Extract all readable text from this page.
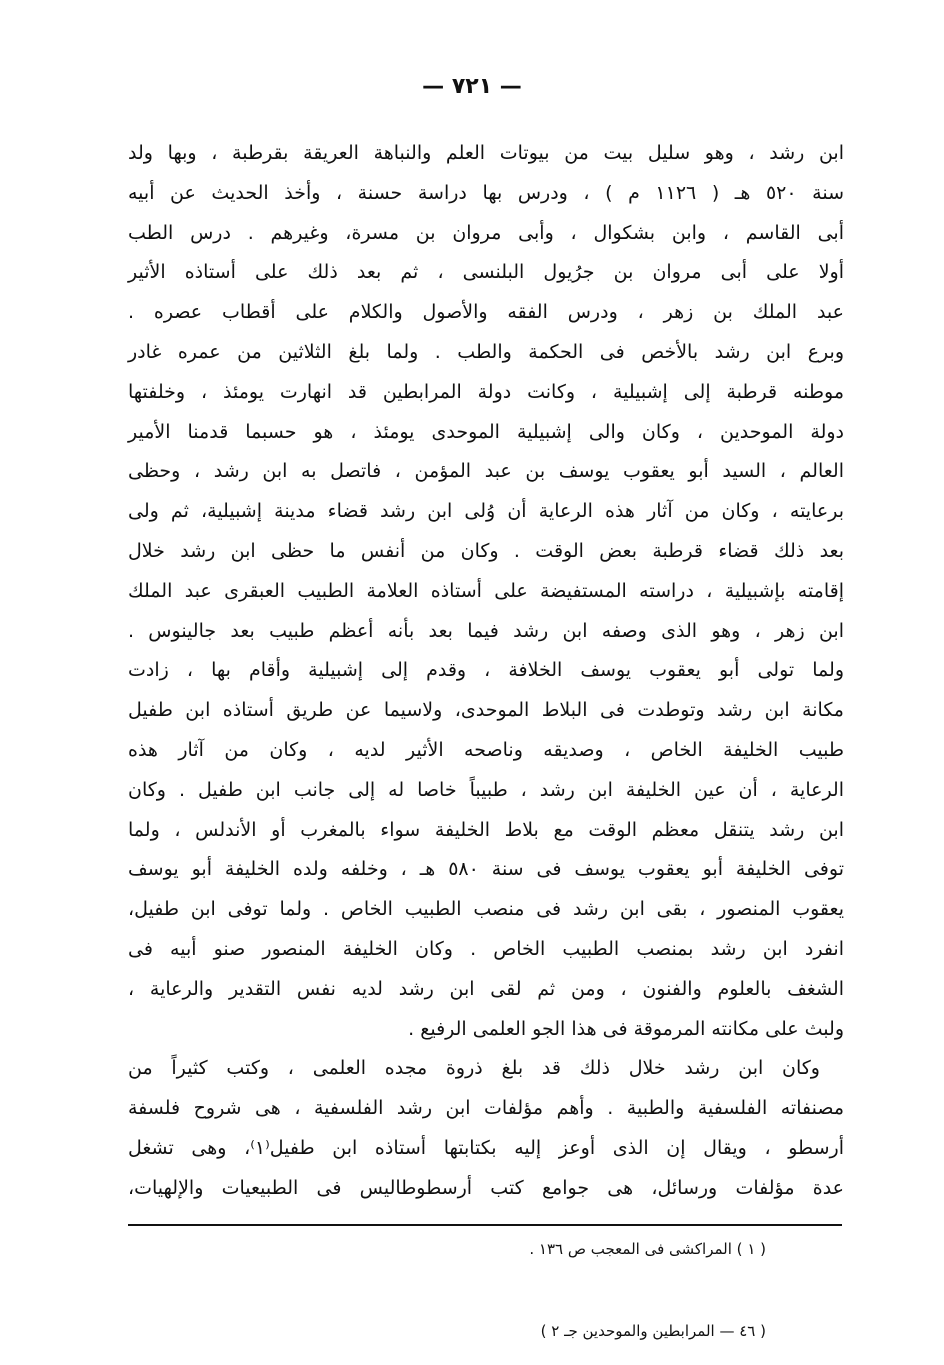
— ٧٢١ —
ابن رشد ، وهو سليل بيت من بيوتات العلم والنباهة العريقة بقرطبة ، وبها ولد
سنة ٥٢٠ هـ ( ١١٢٦ م ) ، ودرس بها دراسة حسنة ، وأخذ الحديث عن أبيه
أبى القاسم ، وابن بشكوال ، وأبى مروان بن مسرة، وغيرهم . درس الطب
أولا على أبى مروان بن جرُيول البلنسى ، ثم بعد ذلك على أستاذه الأثير
عبد الملك بن زهر ، ودرس الفقه والأصول والكلام على أقطاب عصره .
وبرع ابن رشد بالأخص فى الحكمة والطب . ولما بلغ الثلاثين من عمره غادر
موطنه قرطبة إلى إشبيلية ، وكانت دولة المرابطين قد انهارت يومئذ ، وخلفتها
دولة الموحدين ، وكان والى إشبيلية الموحدى يومئذ ، هو حسبما قدمنا الأمير
العالم ، السيد أبو يعقوب يوسف بن عبد المؤمن ، فاتصل به ابن رشد ، وحظى
برعايته ، وكان من آثار هذه الرعاية أن وُلى ابن رشد قضاء مدينة إشبيلية، ثم ولى
بعد ذلك قضاء قرطبة بعض الوقت . وكان من أنفس ما حظى ابن رشد خلال
إقامته بإشبيلية ، دراسته المستفيضة على أستاذه العلامة الطبيب العبقرى عبد الملك
ابن زهر ، وهو الذى وصفه ابن رشد فيما بعد بأنه أعظم طبيب بعد جالينوس .
ولما تولى أبو يعقوب يوسف الخلافة ، وقدم إلى إشبيلية وأقام بها ، زادت
مكانة ابن رشد وتوطدت فى البلاط الموحدى، ولاسيما عن طريق أستاذه ابن طفيل
طبيب الخليفة الخاص ، وصديقه وناصحه الأثير لديه ، وكان من آثار هذه
الرعاية ، أن عين الخليفة ابن رشد ، طبيباً خاصا له إلى جانب ابن طفيل . وكان
ابن رشد يتنقل معظم الوقت مع بلاط الخليفة سواء بالمغرب أو الأندلس ، ولما
توفى الخليفة أبو يعقوب يوسف فى سنة ٥٨٠ هـ ، وخلفه ولده الخليفة أبو يوسف
يعقوب المنصور ، بقى ابن رشد فى منصب الطبيب الخاص . ولما توفى ابن طفيل،
انفرد ابن رشد بمنصب الطبيب الخاص . وكان الخليفة المنصور صنو أبيه فى
الشغف بالعلوم والفنون ، ومن ثم لقى ابن رشد لديه نفس التقدير والرعاية ،
ولبث على مكانته المرموقة فى هذا الجو العلمى الرفيع .
وكان ابن رشد خلال ذلك قد بلغ ذروة مجده العلمى ، وكتب كثيراً من
مصنفاته الفلسفية والطبية . وأهم مؤلفات ابن رشد الفلسفية ، هى شروح فلسفة
أرسطو ، ويقال إن الذى أوعز إليه بكتابتها أستاذه ابن طفيل⁽١⁾، وهى تشغل
عدة مؤلفات ورسائل، هى جوامع كتب أرسطوطاليس فى الطبيعيات والإلهيات،
( ١ ) المراكشى فى المعجب ص ١٣٦ .
( ٤٦ — المرابطين والموحدين جـ ٢ )
